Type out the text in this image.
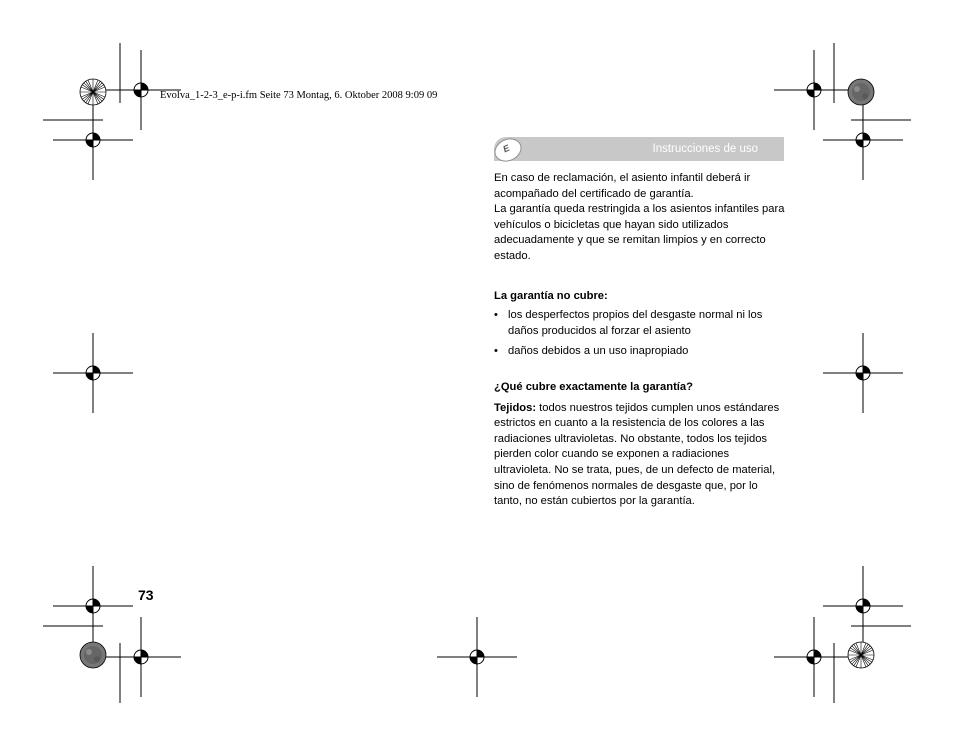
Evolva_1-2-3_e-p-i.fm Seite 73 Montag, 6. Oktober 2008 9:09 09
Instrucciones de uso
E

En caso de reclamación, el asiento infantil deberá ir acompañado del certificado de garantía.

La garantía queda restringida a los asientos infantiles para vehículos o bicicletas que hayan sido utilizados adecuadamente y que se remitan limpios y en correcto estado.

La garantía no cubre:
• los desperfectos propios del desgaste normal ni los daños producidos al forzar el asiento
• daños debidos a un uso inapropiado
¿Qué cubre exactamente la garantía?

Tejidos: todos nuestros tejidos cumplen unos estándares estrictos en cuanto a la resistencia de los colores a las radiaciones ultravioletas. No obstante, todos los tejidos pierden color cuando se exponen a radiaciones ultravioleta. No se trata, pues, de un defecto de material, sino de fenómenos normales de desgaste que, por lo tanto, no están cubiertos por la garantía.

73
